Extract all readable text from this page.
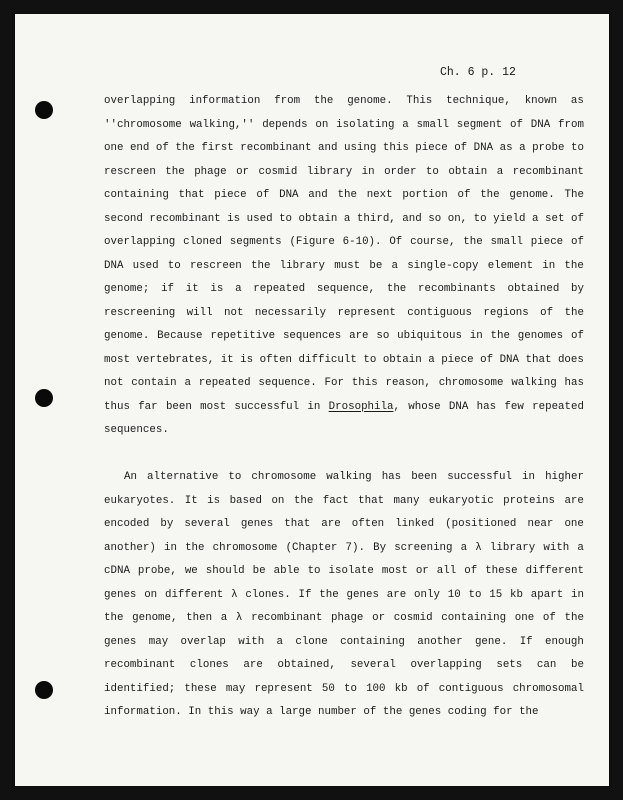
Ch. 6 p. 12
overlapping information from the genome. This technique, known as
''chromosome walking,'' depends on isolating a small segment of DNA from
one end of the first recombinant and using this piece of DNA as a probe to
rescreen the phage or cosmid library in order to obtain a recombinant
containing that piece of DNA and the next portion of the genome. The
second recombinant is used to obtain a third, and so on, to yield a set of
overlapping cloned segments (Figure 6-10). Of course, the small piece of
DNA used to rescreen the library must be a single-copy element in the
genome; if it is a repeated sequence, the recombinants obtained by
rescreening will not necessarily represent contiguous regions of the
genome. Because repetitive sequences are so ubiquitous in the genomes of
most vertebrates, it is often difficult to obtain a piece of DNA that does
not contain a repeated sequence. For this reason, chromosome walking has
thus far been most successful in Drosophila, whose DNA has few repeated
sequences.
An alternative to chromosome walking has been successful in higher
eukaryotes. It is based on the fact that many eukaryotic proteins are
encoded by several genes that are often linked (positioned near one
another) in the chromosome (Chapter 7). By screening a λ library with a
cDNA probe, we should be able to isolate most or all of these different
genes on different λ clones. If the genes are only 10 to 15 kb apart in
the genome, then a λ recombinant phage or cosmid containing one of the
genes may overlap with a clone containing another gene. If enough
recombinant clones are obtained, several overlapping sets can be
identified; these may represent 50 to 100 kb of contiguous chromosomal
information. In this way a large number of the genes coding for the
